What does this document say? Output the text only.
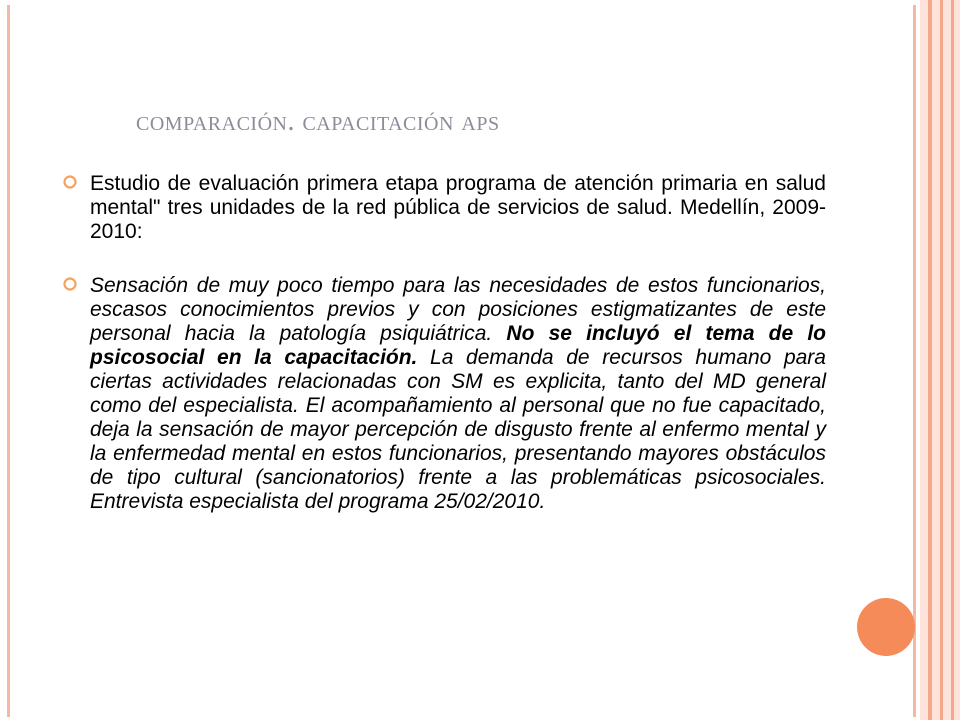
comparación. capacitación aps
Estudio de evaluación primera etapa programa de atención primaria en salud mental" tres unidades de la red pública de servicios de salud. Medellín, 2009-2010:
Sensación de muy poco tiempo para las necesidades de estos funcionarios, escasos conocimientos previos y con posiciones estigmatizantes de este personal hacia la patología psiquiátrica. No se incluyó el tema de lo psicosocial en la capacitación. La demanda de recursos humano para ciertas actividades relacionadas con SM es explicita, tanto del MD general como del especialista. El acompañamiento al personal que no fue capacitado, deja la sensación de mayor percepción de disgusto frente al enfermo mental y la enfermedad mental en estos funcionarios, presentando mayores obstáculos de tipo cultural (sancionatorios) frente a las problemáticas psicosociales. Entrevista especialista del programa 25/02/2010.
